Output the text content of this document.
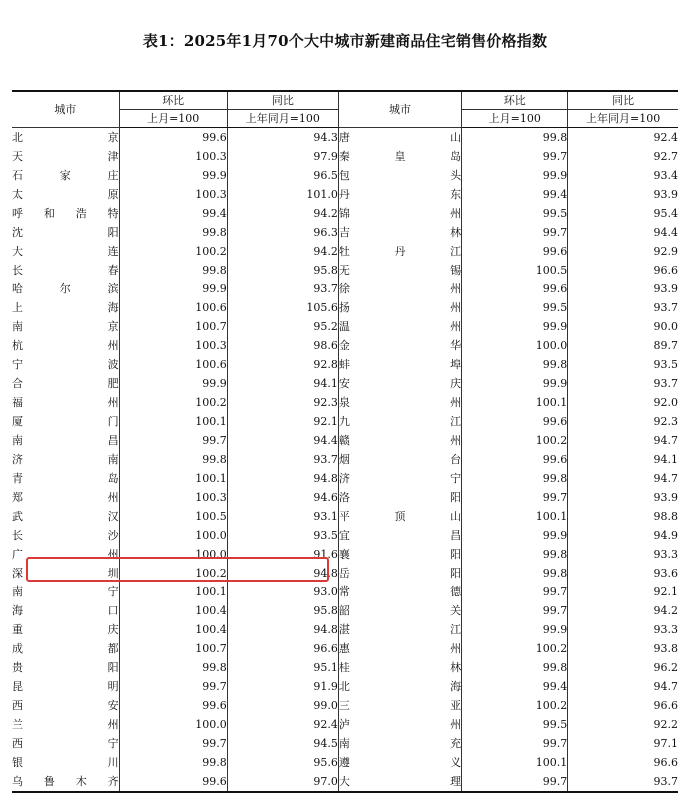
表1：2025年1月70个大中城市新建商品住宅销售价格指数
城市	环比	同比	城市	环比	同比
	上月=100	上年同月=100		上月=100	上年同月=100
北京	99.6	94.3	唐山	99.8	92.4
天津	100.3	97.9	秦皇岛	99.7	92.7
石家庄	99.9	96.5	包头	99.9	93.4
太原	100.3	101.0	丹东	99.4	93.9
呼和浩特	99.4	94.2	锦州	99.5	95.4
沈阳	99.8	96.3	吉林	99.7	94.4
大连	100.2	94.2	牡丹江	99.6	92.9
长春	99.8	95.8	无锡	100.5	96.6
哈尔滨	99.9	93.7	徐州	99.6	93.9
上海	100.6	105.6	扬州	99.5	93.7
南京	100.7	95.2	温州	99.9	90.0
杭州	100.3	98.6	金华	100.0	89.7
宁波	100.6	92.8	蚌埠	99.8	93.5
合肥	99.9	94.1	安庆	99.9	93.7
福州	100.2	92.3	泉州	100.1	92.0
厦门	100.1	92.1	九江	99.6	92.3
南昌	99.7	94.4	赣州	100.2	94.7
济南	99.8	93.7	烟台	99.6	94.1
青岛	100.1	94.8	济宁	99.8	94.7
郑州	100.3	94.6	洛阳	99.7	93.9
武汉	100.5	93.1	平顶山	100.1	98.8
长沙	100.0	93.5	宜昌	99.9	94.9
广州	100.0	91.6	襄阳	99.8	93.3
深圳	100.2	94.8	岳阳	99.8	93.6
南宁	100.1	93.0	常德	99.7	92.1
海口	100.4	95.8	韶关	99.7	94.2
重庆	100.4	94.8	湛江	99.9	93.3
成都	100.7	96.6	惠州	100.2	93.8
贵阳	99.8	95.1	桂林	99.8	96.2
昆明	99.7	91.9	北海	99.4	94.7
西安	99.6	99.0	三亚	100.2	96.6
兰州	100.0	92.4	泸州	99.5	92.2
西宁	99.7	94.5	南充	99.7	97.1
银川	99.8	95.6	遵义	100.1	96.6
乌鲁木齐	99.6	97.0	大理	99.7	93.7
